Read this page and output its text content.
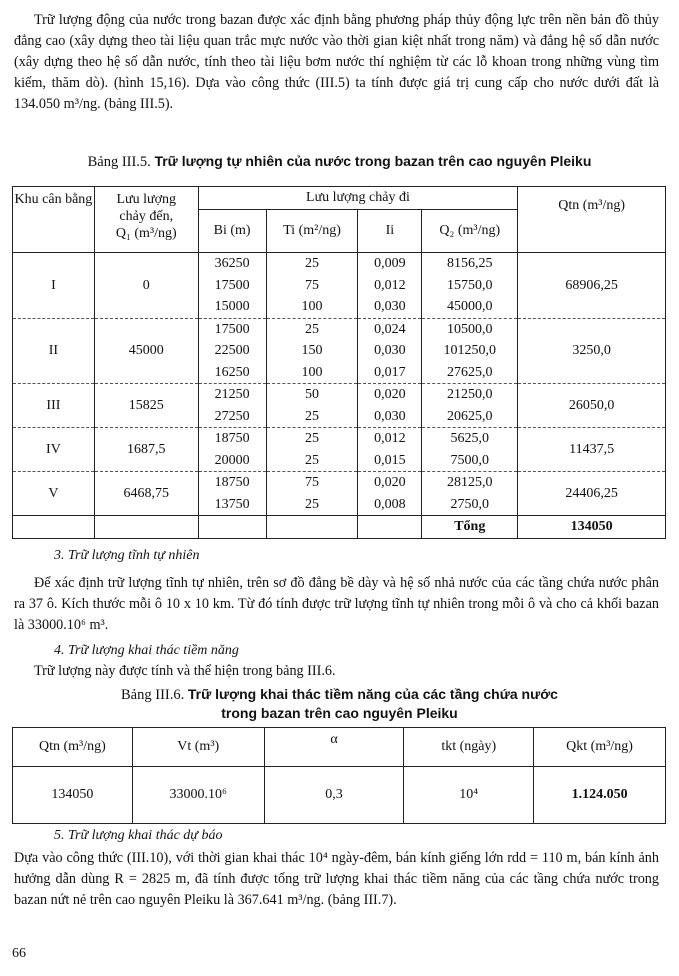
Trữ lượng động của nước trong bazan được xác định bằng phương pháp thủy động lực trên nền bản đồ thủy đẳng cao (xây dựng theo tài liệu quan trắc mực nước vào thời gian kiệt nhất trong năm) và đẳng hệ số dẫn nước (xây dựng theo hệ số dẫn nước, tính theo tài liệu bơm nước thí nghiệm từ các lỗ khoan trong những vùng tìm kiếm, thăm dò). (hình 15,16). Dựa vào công thức (III.5) ta tính được giá trị cung cấp cho nước dưới đất là 134.050 m³/ng. (bảng III.5).

Bảng III.5. Trữ lượng tự nhiên của nước trong bazan trên cao nguyên Pleiku
Khu cân bằng	Lưu lượng
chảy đến,
Q₁ (m³/ng)	Lưu lượng chảy đi				Qtn (m³/ng)
		Bi (m)	Ti (m²/ng)	Ii	Q₂ (m³/ng)	
I	0	36250	25	0,009	8156,25	68906,25
		17500	75	0,012	15750,0	
		15000	100	0,030	45000,0	
II	45000	17500	25	0,024	10500,0	3250,0
		22500	150	0,030	101250,0	
		16250	100	0,017	27625,0	
III	15825	21250	50	0,020	21250,0	26050,0
		27250	25	0,030	20625,0	
IV	1687,5	18750	25	0,012	5625,0	11437,5
		20000	25	0,015	7500,0	
V	6468,75	18750	75	0,020	28125,0	24406,25
		13750	25	0,008	2750,0	
					Tổng	134050
3. Trữ lượng tĩnh tự nhiên

Để xác định trữ lượng tĩnh tự nhiên, trên sơ đồ đẳng bề dày và hệ số nhả nước của các tầng chứa nước phân ra 37 ô. Kích thước mỗi ô 10 x 10 km. Từ đó tính được trữ lượng tĩnh tự nhiên trong mỗi ô và cho cả khối bazan là 33000.10⁶ m³.

4. Trữ lượng khai thác tiềm năng

Trữ lượng này được tính và thể hiện trong bảng III.6.

Bảng III.6. Trữ lượng khai thác tiềm năng của các tầng chứa nước
trong bazan trên cao nguyên Pleiku
Qtn (m³/ng)	Vt (m³)	α	tkt (ngày)	Qkt (m³/ng)
134050	33000.10⁶	0,3	10⁴	1.124.050
5. Trữ lượng khai thác dự báo

Dựa vào công thức (III.10), với thời gian khai thác 10⁴ ngày-đêm, bán kính giếng lớn rdd = 110 m, bán kính ảnh hưởng dẫn dùng R = 2825 m, đã tính được tổng trữ lượng khai thác tiềm năng của các tầng chứa nước trong bazan nứt nẻ trên cao nguyên Pleiku là 367.641 m³/ng. (bảng III.7).

66
